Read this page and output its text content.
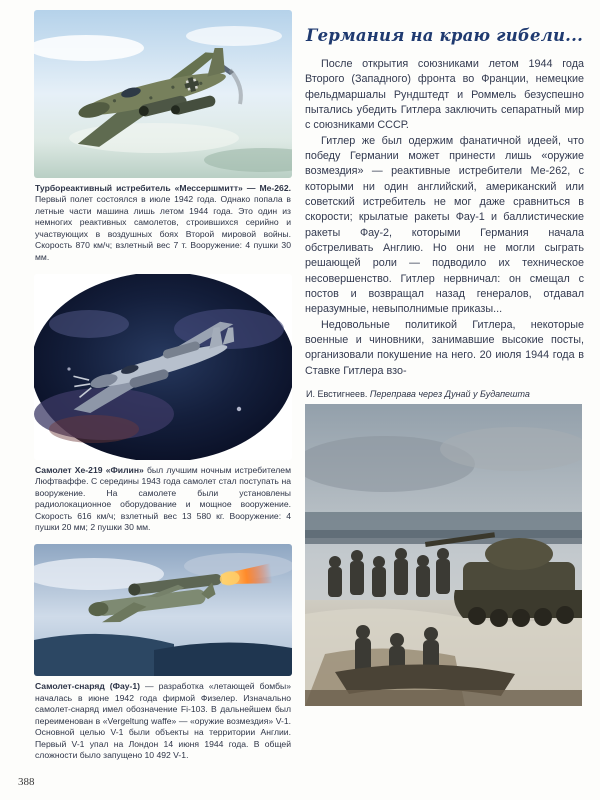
Турбореактивный истребитель «Мессершмитт» — Ме-262. Первый полет состоялся в июле 1942 года. Однако попала в летные части машина лишь летом 1944 года. Это один из немногих реактивных самолетов, строившихся серийно и участвующих в воздушных боях Второй мировой войны. Скорость 870 км/ч; взлетный вес 7 т. Вооружение: 4 пушки 30 мм.

Самолет Хе-219 «Филин» был лучшим ночным истребителем Люфтваффе. С середины 1943 года самолет стал поступать на вооружение. На самолете были установлены радиолокационное оборудование и мощное вооружение. Скорость 616 км/ч; взлетный вес 13 580 кг. Вооружение: 4 пушки 20 мм; 2 пушки 30 мм.

Самолет-снаряд (Фау-1) — разработка «летающей бомбы» началась в июне 1942 года фирмой Физелер. Изначально самолет-снаряд имел обозначение Fi-103. В дальнейшем был переименован в «Vergeltung waffe» — «оружие возмездия» V-1. Основной целью V-1 были объекты на территории Англии. Первый V-1 упал на Лондон 14 июня 1944 года. В общей сложности было запущено 10 492 V-1.

Германия на краю гибели...

После открытия союзниками летом 1944 года Второго (Западного) фронта во Франции, немецкие фельдмаршалы Рундштедт и Роммель безуспешно пытались убедить Гитлера заключить сепаратный мир с союзниками СССР.

Гитлер же был одержим фанатичной идеей, что победу Германии может принести лишь «оружие возмездия» — реактивные истребители Ме-262, с которыми ни один английский, американский или советский истребитель не мог даже сравниться в скорости; крылатые ракеты Фау-1 и баллистические ракеты Фау-2, которыми Германия начала обстреливать Англию. Но они не могли сыграть решающей роли — подводило их техническое несовершенство. Гитлер нервничал: он смещал с постов и возвращал назад генералов, отдавал неразумные, невыполнимые приказы...

Недовольные политикой Гитлера, некоторые военные и чиновники, занимавшие высокие посты, организовали покушение на него. 20 июля 1944 года в Ставке Гитлера взо-

И. Евстигнеев. Переправа через Дунай у Будапешта

388
